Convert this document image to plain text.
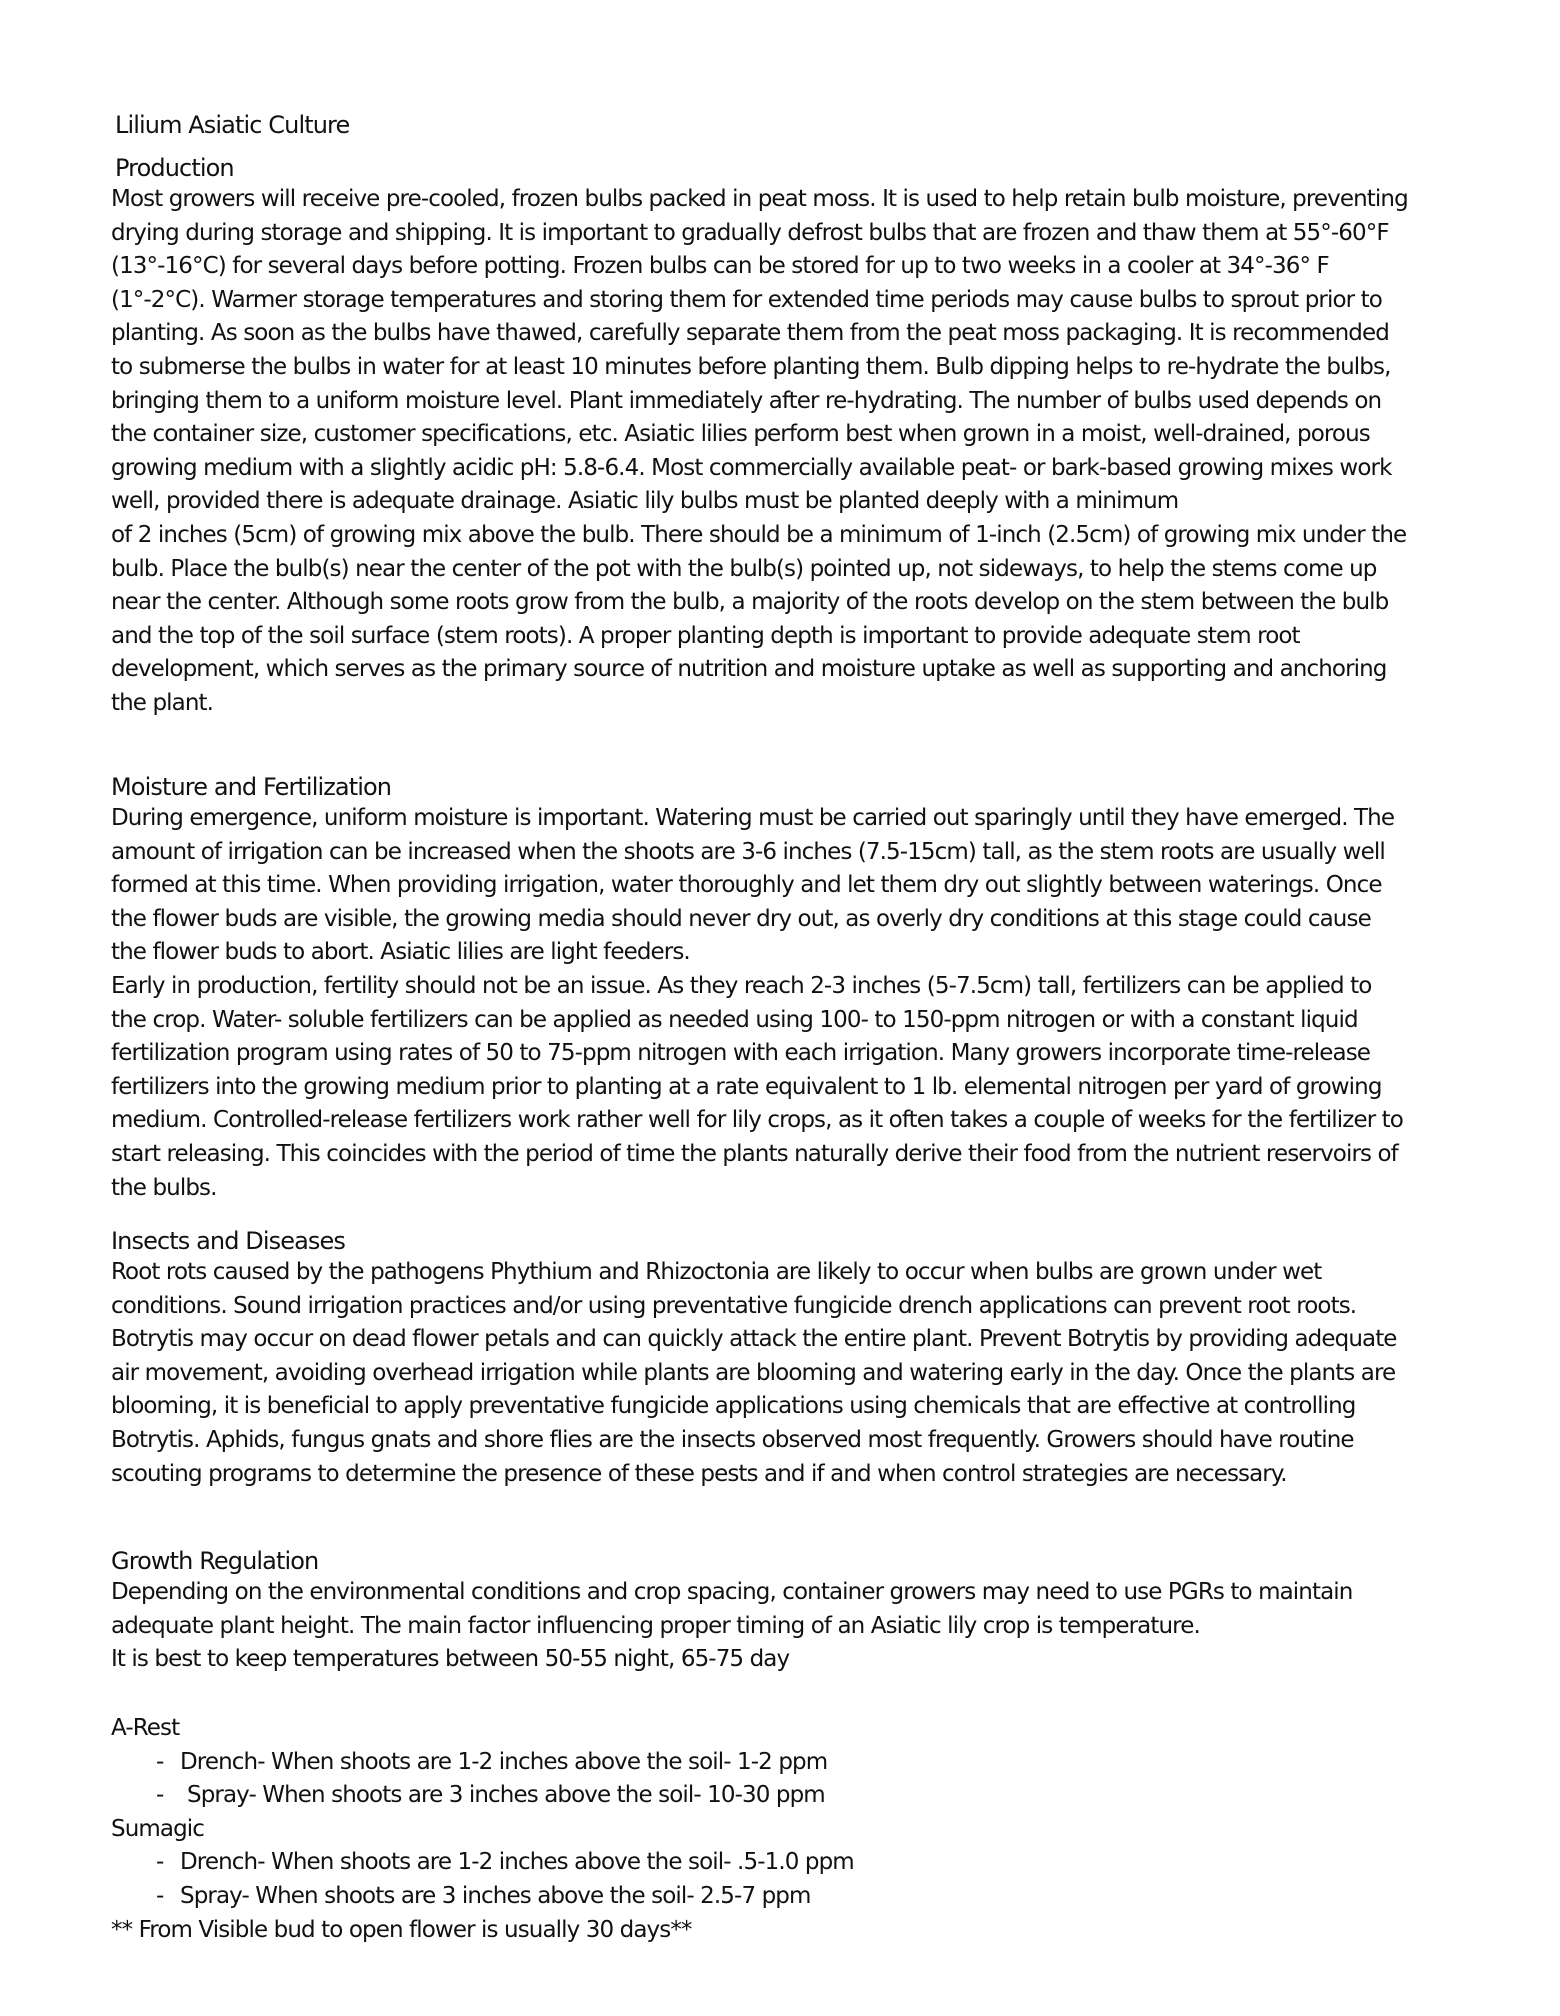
Lilium Asiatic Culture
Production
Most growers will receive pre-cooled, frozen bulbs packed in peat moss. It is used to help retain bulb moisture, preventing drying during storage and shipping. It is important to gradually defrost bulbs that are frozen and thaw them at 55°-60°F (13°-16°C) for several days before potting. Frozen bulbs can be stored for up to two weeks in a cooler at 34°-36° F (1°-2°C). Warmer storage temperatures and storing them for extended time periods may cause bulbs to sprout prior to planting. As soon as the bulbs have thawed, carefully separate them from the peat moss packaging. It is recommended to submerse the bulbs in water for at least 10 minutes before planting them. Bulb dipping helps to re-hydrate the bulbs, bringing them to a uniform moisture level. Plant immediately after re-hydrating. The number of bulbs used depends on the container size, customer specifications, etc. Asiatic lilies perform best when grown in a moist, well-drained, porous growing medium with a slightly acidic pH: 5.8-6.4. Most commercially available peat- or bark-based growing mixes work well, provided there is adequate drainage. Asiatic lily bulbs must be planted deeply with a minimum
of 2 inches (5cm) of growing mix above the bulb. There should be a minimum of 1-inch (2.5cm) of growing mix under the bulb. Place the bulb(s) near the center of the pot with the bulb(s) pointed up, not sideways, to help the stems come up near the center. Although some roots grow from the bulb, a majority of the roots develop on the stem between the bulb and the top of the soil surface (stem roots). A proper planting depth is important to provide adequate stem root development, which serves as the primary source of nutrition and moisture uptake as well as supporting and anchoring the plant.
Moisture and Fertilization
During emergence, uniform moisture is important. Watering must be carried out sparingly until they have emerged. The amount of irrigation can be increased when the shoots are 3-6 inches (7.5-15cm) tall, as the stem roots are usually well formed at this time. When providing irrigation, water thoroughly and let them dry out slightly between waterings. Once the flower buds are visible, the growing media should never dry out, as overly dry conditions at this stage could cause the flower buds to abort. Asiatic lilies are light feeders.
Early in production, fertility should not be an issue. As they reach 2-3 inches (5-7.5cm) tall, fertilizers can be applied to the crop. Water- soluble fertilizers can be applied as needed using 100- to 150-ppm nitrogen or with a constant liquid fertilization program using rates of 50 to 75-ppm nitrogen with each irrigation. Many growers incorporate time-release fertilizers into the growing medium prior to planting at a rate equivalent to 1 lb. elemental nitrogen per yard of growing medium. Controlled-release fertilizers work rather well for lily crops, as it often takes a couple of weeks for the fertilizer to start releasing. This coincides with the period of time the plants naturally derive their food from the nutrient reservoirs of the bulbs.
Insects and Diseases
Root rots caused by the pathogens Phythium and Rhizoctonia are likely to occur when bulbs are grown under wet conditions. Sound irrigation practices and/or using preventative fungicide drench applications can prevent root roots. Botrytis may occur on dead flower petals and can quickly attack the entire plant. Prevent Botrytis by providing adequate air movement, avoiding overhead irrigation while plants are blooming and watering early in the day. Once the plants are blooming, it is beneficial to apply preventative fungicide applications using chemicals that are effective at controlling Botrytis. Aphids, fungus gnats and shore flies are the insects observed most frequently. Growers should have routine scouting programs to determine the presence of these pests and if and when control strategies are necessary.
Growth Regulation
Depending on the environmental conditions and crop spacing, container growers may need to use PGRs to maintain adequate plant height. The main factor influencing proper timing of an Asiatic lily crop is temperature.
It is best to keep temperatures between 50-55 night, 65-75 day
A-Rest
- Drench- When shoots are 1-2 inches above the soil- 1-2 ppm
- Spray- When shoots are 3 inches above the soil- 10-30 ppm
Sumagic
- Drench- When shoots are 1-2 inches above the soil- .5-1.0 ppm
- Spray- When shoots are 3 inches above the soil- 2.5-7 ppm
** From Visible bud to open flower is usually 30 days**
